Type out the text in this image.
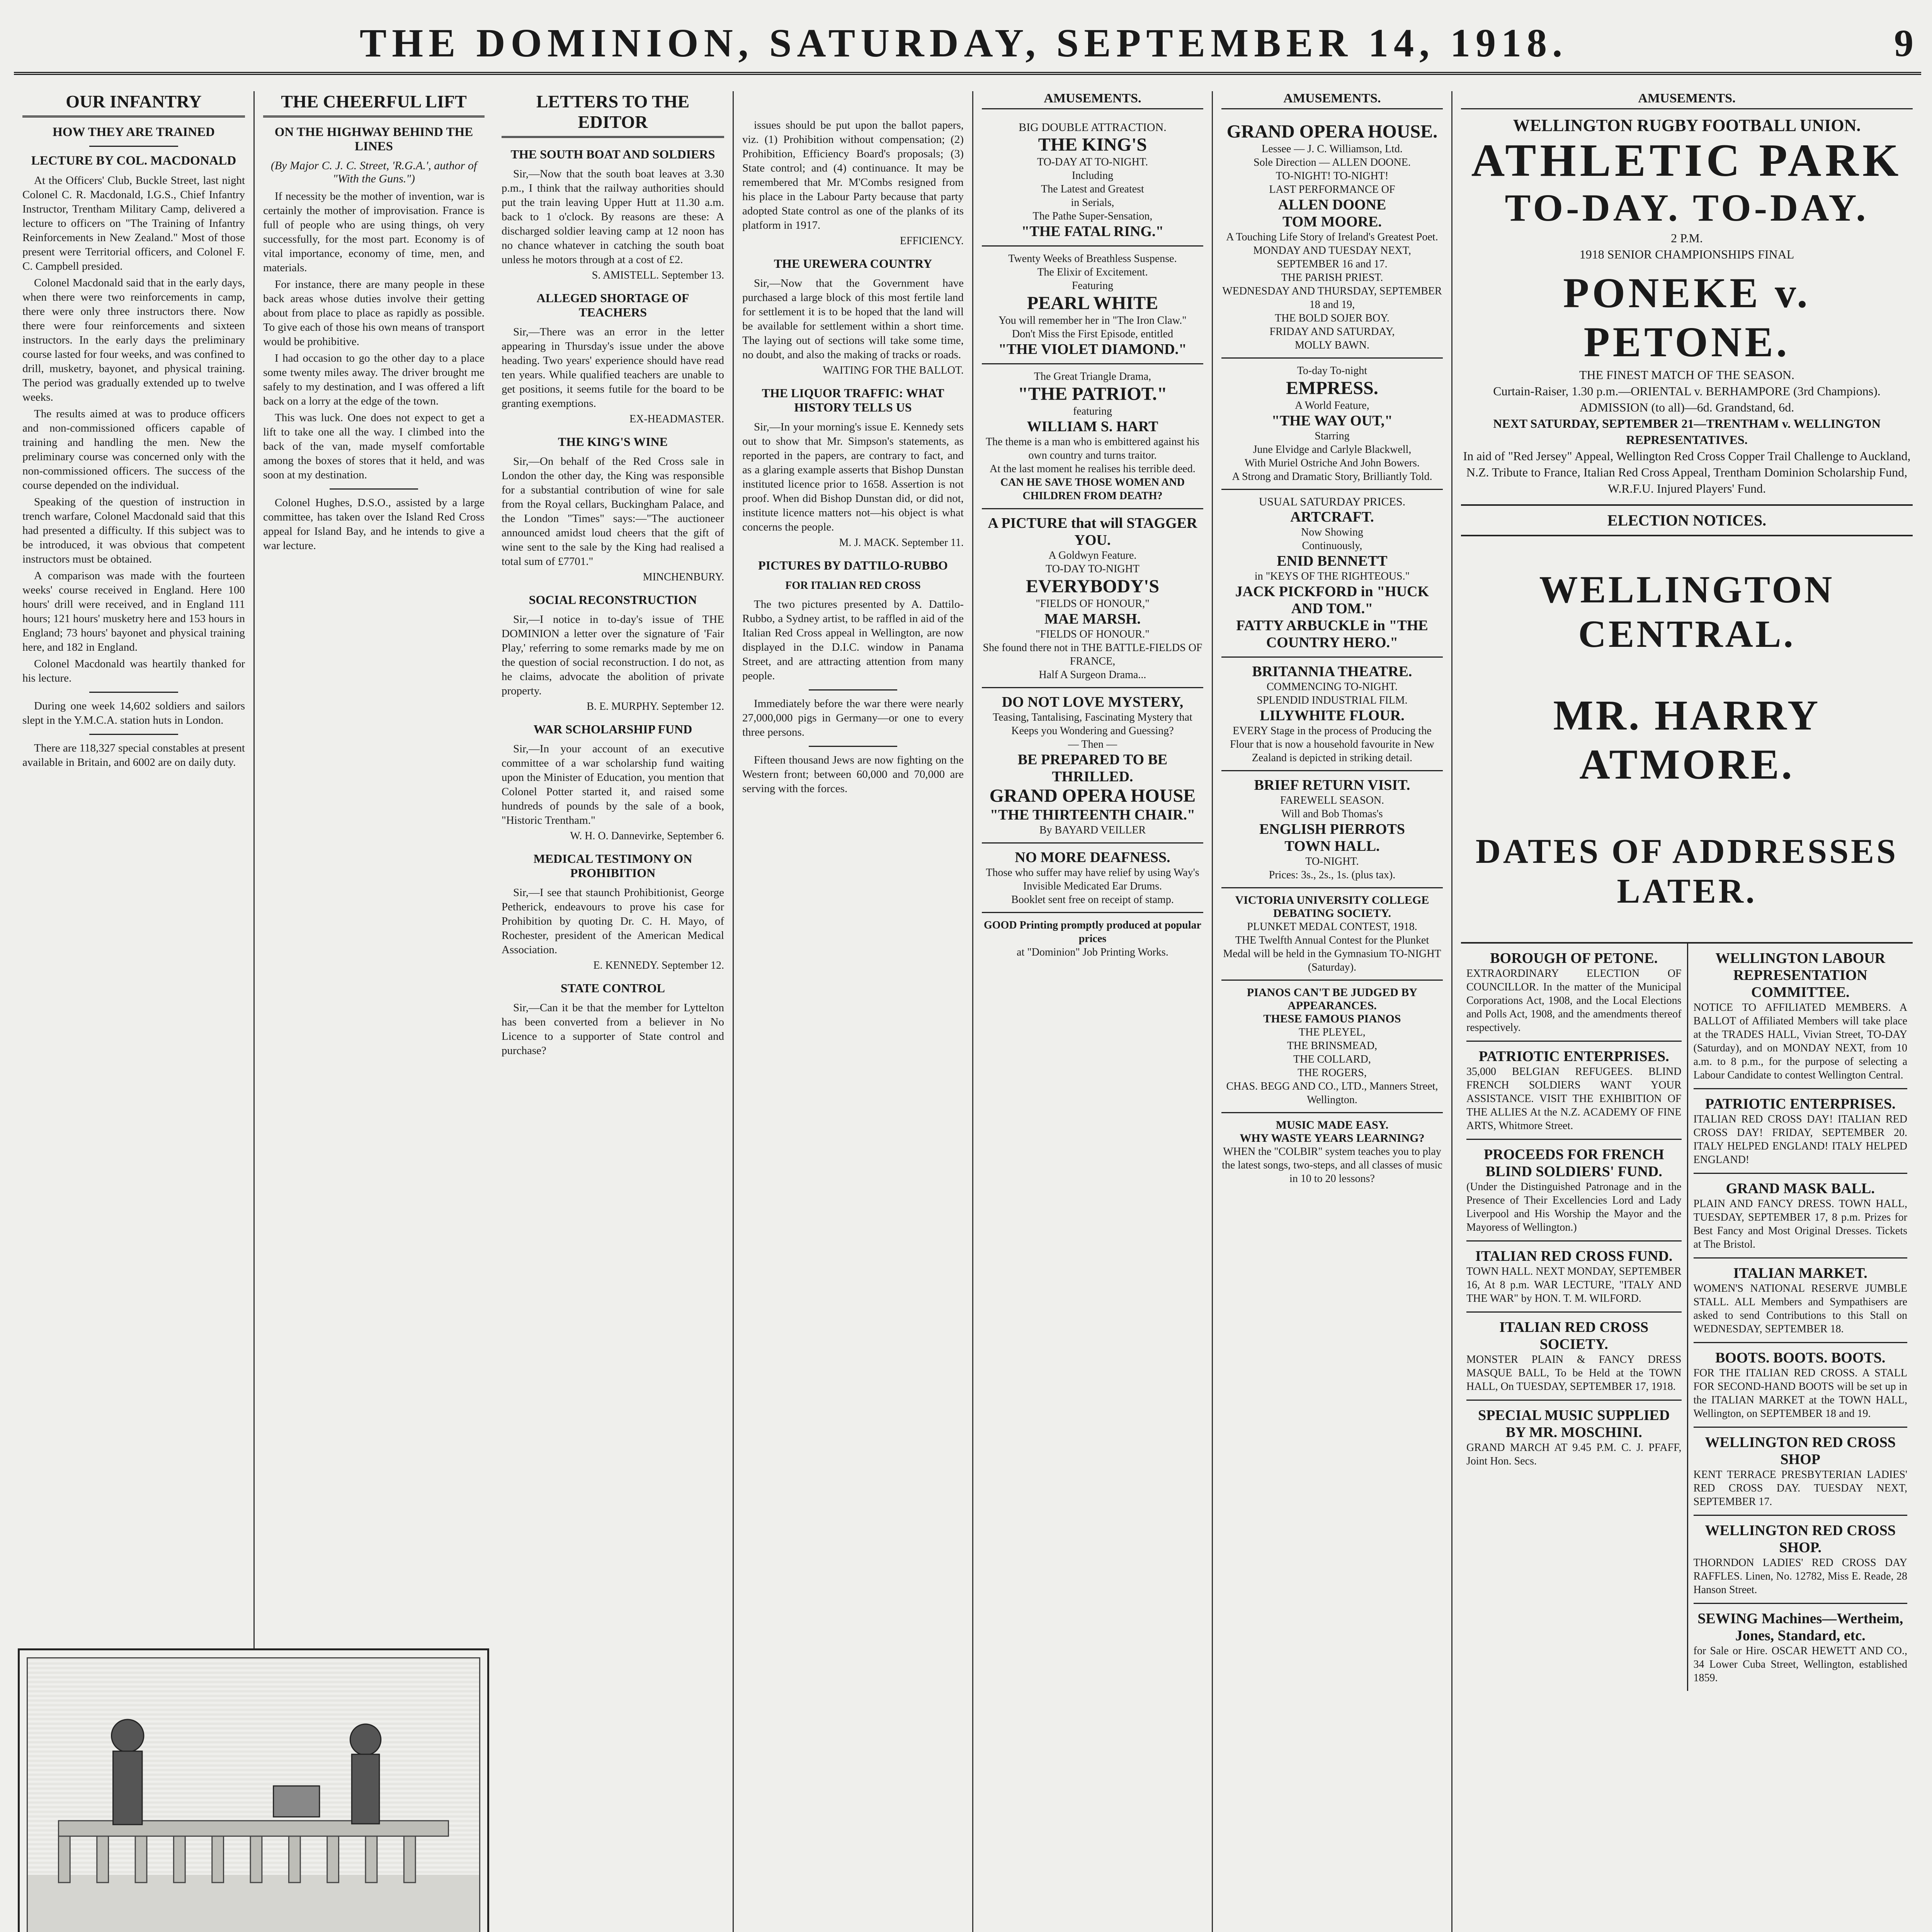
THE DOMINION, SATURDAY, SEPTEMBER 14, 1918.	9
OUR INFANTRY
HOW THEY ARE TRAINED
LECTURE BY COL. MACDONALD

At the Officers' Club, Buckle Street, last night Colonel C. R. Macdonald, I.G.S., Chief Infantry Instructor, Trentham Military Camp, delivered a lecture to officers on "The Training of Infantry Reinforcements in New Zealand." Most of those present were Territorial officers, and Colonel F. C. Campbell presided.

Colonel Macdonald said that in the early days, when there were two reinforcements in camp, there were only three instructors there. Now there were four reinforcements and sixteen instructors. In the early days the preliminary course lasted for four weeks, and was confined to drill, musketry, bayonet, and physical training. The period was gradually extended up to twelve weeks.

The results aimed at was to produce officers and non-commissioned officers capable of training and handling the men. New the preliminary course was concerned only with the non-commissioned officers. The success of the course depended on the individual.

Speaking of the question of instruction in trench warfare, Colonel Macdonald said that this had presented a difficulty. If this subject was to be introduced, it was obvious that competent instructors must be obtained.

A comparison was made with the fourteen weeks' course received in England. Here 100 hours' drill were received, and in England 111 hours; 121 hours' musketry here and 153 hours in England; 73 hours' bayonet and physical training here, and 182 in England.

Colonel Macdonald was heartily thanked for his lecture.

During one week 14,602 soldiers and sailors slept in the Y.M.C.A. station huts in London.

There are 118,327 special constables at present available in Britain, and 6002 are on daily duty.

THE CHEERFUL LIFT
ON THE HIGHWAY BEHIND THE LINES
(By Major C. J. C. Street, 'R.G.A.', author of "With the Guns.")

If necessity be the mother of invention, war is certainly the mother of improvisation. France is full of people who are using things, oh very successfully, for the most part. Economy is of vital importance, economy of time, men, and materials.

For instance, there are many people in these back areas whose duties involve their getting about from place to place as rapidly as possible. To give each of those his own means of transport would be prohibitive.

I had occasion to go the other day to a place some twenty miles away. The driver brought me safely to my destination, and I was offered a lift back on a lorry at the edge of the town.

This was luck. One does not expect to get a lift to take one all the way. I climbed into the back of the van, made myself comfortable among the boxes of stores that it held, and was soon at my destination.

Colonel Hughes, D.S.O., assisted by a large committee, has taken over the Island Red Cross appeal for Island Bay, and he intends to give a war lecture.

LETTERS TO THE EDITOR
THE SOUTH BOAT AND SOLDIERS

Sir,—Now that the south boat leaves at 3.30 p.m., I think that the railway authorities should put the train leaving Upper Hutt at 11.30 a.m. back to 1 o'clock. By reasons are these: A discharged soldier leaving camp at 12 noon has no chance whatever in catching the south boat unless he motors through at a cost of £2.

S. AMISTELL. September 13.
ALLEGED SHORTAGE OF TEACHERS

Sir,—There was an error in the letter appearing in Thursday's issue under the above heading. Two years' experience should have read ten years. While qualified teachers are unable to get positions, it seems futile for the board to be granting exemptions.

EX-HEADMASTER.
THE KING'S WINE

Sir,—On behalf of the Red Cross sale in London the other day, the King was responsible for a substantial contribution of wine for sale from the Royal cellars, Buckingham Palace, and the London "Times" says:—"The auctioneer announced amidst loud cheers that the gift of wine sent to the sale by the King had realised a total sum of £7701."

MINCHENBURY.
SOCIAL RECONSTRUCTION

Sir,—I notice in to-day's issue of THE DOMINION a letter over the signature of 'Fair Play,' referring to some remarks made by me on the question of social reconstruction. I do not, as he claims, advocate the abolition of private property.

B. E. MURPHY. September 12.
WAR SCHOLARSHIP FUND

Sir,—In your account of an executive committee of a war scholarship fund waiting upon the Minister of Education, you mention that Colonel Potter started it, and raised some hundreds of pounds by the sale of a book, "Historic Trentham."

W. H. O. Dannevirke, September 6.
MEDICAL TESTIMONY ON PROHIBITION

Sir,—I see that staunch Prohibitionist, George Petherick, endeavours to prove his case for Prohibition by quoting Dr. C. H. Mayo, of Rochester, president of the American Medical Association.

E. KENNEDY. September 12.
STATE CONTROL

Sir,—Can it be that the member for Lyttelton has been converted from a believer in No Licence to a supporter of State control and purchase?

issues should be put upon the ballot papers, viz. (1) Prohibition without compensation; (2) Prohibition, Efficiency Board's proposals; (3) State control; and (4) continuance. It may be remembered that Mr. M'Combs resigned from his place in the Labour Party because that party adopted State control as one of the planks of its platform in 1917.

EFFICIENCY.
THE UREWERA COUNTRY

Sir,—Now that the Government have purchased a large block of this most fertile land for settlement it is to be hoped that the land will be available for settlement within a short time. The laying out of sections will take some time, no doubt, and also the making of tracks or roads.

WAITING FOR THE BALLOT.
THE LIQUOR TRAFFIC: WHAT HISTORY TELLS US

Sir,—In your morning's issue E. Kennedy sets out to show that Mr. Simpson's statements, as reported in the papers, are contrary to fact, and as a glaring example asserts that Bishop Dunstan instituted licence prior to 1658. Assertion is not proof. When did Bishop Dunstan did, or did not, institute licence matters not—his object is what concerns the people.

M. J. MACK. September 11.
PICTURES BY DATTILO-RUBBO
FOR ITALIAN RED CROSS

The two pictures presented by A. Dattilo-Rubbo, a Sydney artist, to be raffled in aid of the Italian Red Cross appeal in Wellington, are now displayed in the D.I.C. window in Panama Street, and are attracting attention from many people.

Immediately before the war there were nearly 27,000,000 pigs in Germany—or one to every three persons.

Fifteen thousand Jews are now fighting on the Western front; between 60,000 and 70,000 are serving with the forces.

AMUSEMENTS.
BIG DOUBLE ATTRACTION.
THE KING'S
TO-DAY AT TO-NIGHT.
Including
The Latest and Greatest
in Serials,
The Pathe Super-Sensation,
"THE FATAL RING."
Twenty Weeks of Breathless Suspense.
The Elixir of Excitement.
Featuring
PEARL WHITE
You will remember her in "The Iron Claw."
Don't Miss the First Episode, entitled
"THE VIOLET DIAMOND."
The Great Triangle Drama,
"THE PATRIOT."
featuring
WILLIAM S. HART
The theme is a man who is embittered against his own country and turns traitor.
At the last moment he realises his terrible deed.
CAN HE SAVE THOSE WOMEN AND CHILDREN FROM DEATH?
A PICTURE that will STAGGER YOU.
A Goldwyn Feature.
TO-DAY TO-NIGHT
EVERYBODY'S
"FIELDS OF HONOUR,"
MAE MARSH.
"FIELDS OF HONOUR."
She found there not in THE BATTLE-FIELDS OF FRANCE,
Half A Surgeon Drama...
DO NOT LOVE MYSTERY,
Teasing, Tantalising, Fascinating Mystery that Keeps you Wondering and Guessing?
— Then —
BE PREPARED TO BE THRILLED.
GRAND OPERA HOUSE
"THE THIRTEENTH CHAIR."
By BAYARD VEILLER
NO MORE DEAFNESS.
Those who suffer may have relief by using Way's Invisible Medicated Ear Drums.
Booklet sent free on receipt of stamp.
GOOD Printing promptly produced at popular prices
at "Dominion" Job Printing Works.
AMUSEMENTS.
GRAND OPERA HOUSE.
Lessee — J. C. Williamson, Ltd.
Sole Direction — ALLEN DOONE.
TO-NIGHT! TO-NIGHT!
LAST PERFORMANCE OF
ALLEN DOONE
TOM MOORE.
A Touching Life Story of Ireland's Greatest Poet.
MONDAY AND TUESDAY NEXT, SEPTEMBER 16 and 17.
THE PARISH PRIEST.
WEDNESDAY AND THURSDAY, SEPTEMBER 18 and 19,
THE BOLD SOJER BOY.
FRIDAY AND SATURDAY,
MOLLY BAWN.
To-day To-night
EMPRESS.
A World Feature,
"THE WAY OUT,"
Starring
June Elvidge and Carlyle Blackwell,
With Muriel Ostriche And John Bowers.
A Strong and Dramatic Story, Brilliantly Told.
USUAL SATURDAY PRICES.
ARTCRAFT.
Now Showing
Continuously,
ENID BENNETT
in "KEYS OF THE RIGHTEOUS."
JACK PICKFORD in "HUCK AND TOM."
FATTY ARBUCKLE in "THE COUNTRY HERO."
BRITANNIA THEATRE.
COMMENCING TO-NIGHT.
SPLENDID INDUSTRIAL FILM.
LILYWHITE FLOUR.
EVERY Stage in the process of Producing the Flour that is now a household favourite in New Zealand is depicted in striking detail.
BRIEF RETURN VISIT.
FAREWELL SEASON.
Will and Bob Thomas's
ENGLISH PIERROTS
TOWN HALL.
TO-NIGHT.
Prices: 3s., 2s., 1s. (plus tax).
VICTORIA UNIVERSITY COLLEGE
DEBATING SOCIETY.
PLUNKET MEDAL CONTEST, 1918.
THE Twelfth Annual Contest for the Plunket Medal will be held in the Gymnasium TO-NIGHT (Saturday).
PIANOS CAN'T BE JUDGED BY APPEARANCES.
THESE FAMOUS PIANOS
THE PLEYEL,
THE BRINSMEAD,
THE COLLARD,
THE ROGERS,
CHAS. BEGG AND CO., LTD., Manners Street, Wellington.
MUSIC MADE EASY.
WHY WASTE YEARS LEARNING?
WHEN the "COLBIR" system teaches you to play the latest songs, two-steps, and all classes of music in 10 to 20 lessons?
AMUSEMENTS.
WELLINGTON RUGBY FOOTBALL UNION.
ATHLETIC PARK
TO-DAY. TO-DAY.
2 P.M.
1918 SENIOR CHAMPIONSHIPS FINAL
PONEKE v. PETONE.
THE FINEST MATCH OF THE SEASON.
Curtain-Raiser, 1.30 p.m.—ORIENTAL v. BERHAMPORE (3rd Champions).
ADMISSION (to all)—6d. Grandstand, 6d.
NEXT SATURDAY, SEPTEMBER 21—TRENTHAM v. WELLINGTON REPRESENTATIVES.
In aid of "Red Jersey" Appeal, Wellington Red Cross Copper Trail Challenge to Auckland, N.Z. Tribute to France, Italian Red Cross Appeal, Trentham Dominion Scholarship Fund, W.R.F.U. Injured Players' Fund.
ELECTION NOTICES.
WELLINGTON CENTRAL.
MR. HARRY ATMORE.
DATES OF ADDRESSES LATER.
BOROUGH OF PETONE.
EXTRAORDINARY ELECTION OF COUNCILLOR. In the matter of the Municipal Corporations Act, 1908, and the Local Elections and Polls Act, 1908, and the amendments thereof respectively.
PATRIOTIC ENTERPRISES.
35,000 BELGIAN REFUGEES. BLIND FRENCH SOLDIERS WANT YOUR ASSISTANCE. VISIT THE EXHIBITION OF THE ALLIES At the N.Z. ACADEMY OF FINE ARTS, Whitmore Street.
PROCEEDS FOR FRENCH BLIND SOLDIERS' FUND.
(Under the Distinguished Patronage and in the Presence of Their Excellencies Lord and Lady Liverpool and His Worship the Mayor and the Mayoress of Wellington.)
ITALIAN RED CROSS FUND.
TOWN HALL. NEXT MONDAY, SEPTEMBER 16, At 8 p.m. WAR LECTURE, "ITALY AND THE WAR" by HON. T. M. WILFORD.
ITALIAN RED CROSS SOCIETY.
MONSTER PLAIN & FANCY DRESS MASQUE BALL, To be Held at the TOWN HALL, On TUESDAY, SEPTEMBER 17, 1918.
SPECIAL MUSIC SUPPLIED BY MR. MOSCHINI.
GRAND MARCH AT 9.45 P.M. C. J. PFAFF, Joint Hon. Secs.
WELLINGTON LABOUR REPRESENTATION COMMITTEE.
NOTICE TO AFFILIATED MEMBERS. A BALLOT of Affiliated Members will take place at the TRADES HALL, Vivian Street, TO-DAY (Saturday), and on MONDAY NEXT, from 10 a.m. to 8 p.m., for the purpose of selecting a Labour Candidate to contest Wellington Central.
PATRIOTIC ENTERPRISES.
ITALIAN RED CROSS DAY! ITALIAN RED CROSS DAY! FRIDAY, SEPTEMBER 20. ITALY HELPED ENGLAND! ITALY HELPED ENGLAND!
GRAND MASK BALL.
PLAIN AND FANCY DRESS. TOWN HALL, TUESDAY, SEPTEMBER 17, 8 p.m. Prizes for Best Fancy and Most Original Dresses. Tickets at The Bristol.
ITALIAN MARKET.
WOMEN'S NATIONAL RESERVE JUMBLE STALL. ALL Members and Sympathisers are asked to send Contributions to this Stall on WEDNESDAY, SEPTEMBER 18.
BOOTS. BOOTS. BOOTS.
FOR THE ITALIAN RED CROSS. A STALL FOR SECOND-HAND BOOTS will be set up in the ITALIAN MARKET at the TOWN HALL, Wellington, on SEPTEMBER 18 and 19.
WELLINGTON RED CROSS SHOP
KENT TERRACE PRESBYTERIAN LADIES' RED CROSS DAY. TUESDAY NEXT, SEPTEMBER 17.
WELLINGTON RED CROSS SHOP.
THORNDON LADIES' RED CROSS DAY RAFFLES. Linen, No. 12782, Miss E. Reade, 28 Hanson Street.
SEWING Machines—Wertheim, Jones, Standard, etc.
for Sale or Hire. OSCAR HEWETT AND CO., 34 Lower Cuba Street, Wellington, established 1859.
